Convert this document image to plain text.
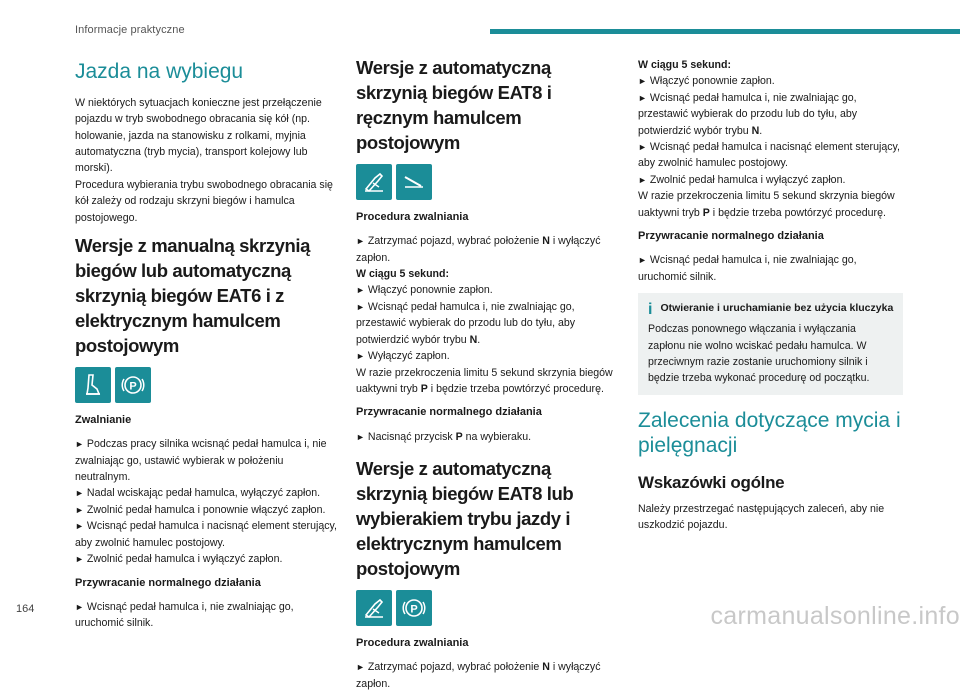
Informacje praktyczne
Jazda na wybiegu

W niektórych sytuacjach konieczne jest przełączenie pojazdu w tryb swobodnego obracania się kół (np. holowanie, jazda na stanowisku z rolkami, myjnia automatyczna (tryb mycia), transport kolejowy lub morski).
Procedura wybierania trybu swobodnego obracania się kół zależy od rodzaju skrzyni biegów i hamulca postojowego.

Wersje z manualną skrzynią biegów lub automatyczną skrzynią biegów EAT6 i z elektrycznym hamulcem postojowym
P
Zwalnianie
► Podczas pracy silnika wcisnąć pedał hamulca i, nie zwalniając go, ustawić wybierak w położeniu neutralnym.
► Nadal wciskając pedał hamulca, wyłączyć zapłon.
► Zwolnić pedał hamulca i ponownie włączyć zapłon.
► Wcisnąć pedał hamulca i nacisnąć element sterujący, aby zwolnić hamulec postojowy.
► Zwolnić pedał hamulca i wyłączyć zapłon.
Przywracanie normalnego działania
► Wcisnąć pedał hamulca i, nie zwalniając go, uruchomić silnik.
Wersje z automatyczną skrzynią biegów EAT8 i ręcznym hamulcem postojowym
Procedura zwalniania
► Zatrzymać pojazd, wybrać położenie N i wyłączyć zapłon.
W ciągu 5 sekund:
► Włączyć ponownie zapłon.
► Wcisnąć pedał hamulca i, nie zwalniając go, przestawić wybierak do przodu lub do tyłu, aby potwierdzić wybór trybu N.
► Wyłączyć zapłon.
W razie przekroczenia limitu 5 sekund skrzynia biegów uaktywni tryb P i będzie trzeba powtórzyć procedurę.
Przywracanie normalnego działania
► Nacisnąć przycisk P na wybieraku.
Wersje z automatyczną skrzynią biegów EAT8 lub wybierakiem trybu jazdy i elektrycznym hamulcem postojowym
P
Procedura zwalniania
► Zatrzymać pojazd, wybrać położenie N i wyłączyć zapłon.
W ciągu 5 sekund:
► Włączyć ponownie zapłon.
► Wcisnąć pedał hamulca i, nie zwalniając go, przestawić wybierak do przodu lub do tyłu, aby potwierdzić wybór trybu N.
► Wcisnąć pedał hamulca i nacisnąć element sterujący, aby zwolnić hamulec postojowy.
► Zwolnić pedał hamulca i wyłączyć zapłon.
W razie przekroczenia limitu 5 sekund skrzynia biegów uaktywni tryb P i będzie trzeba powtórzyć procedurę.
Przywracanie normalnego działania
► Wcisnąć pedał hamulca i, nie zwalniając go, uruchomić silnik.
i Otwieranie i uruchamianie bez użycia kluczyka

Podczas ponownego włączania i wyłączania zapłonu nie wolno wciskać pedału hamulca. W przeciwnym razie zostanie uruchomiony silnik i będzie trzeba wykonać procedurę od początku.

Zalecenia dotyczące mycia i pielęgnacji
Wskazówki ogólne

Należy przestrzegać następujących zaleceń, aby nie uszkodzić pojazdu.

164	carmanualsonline.info
